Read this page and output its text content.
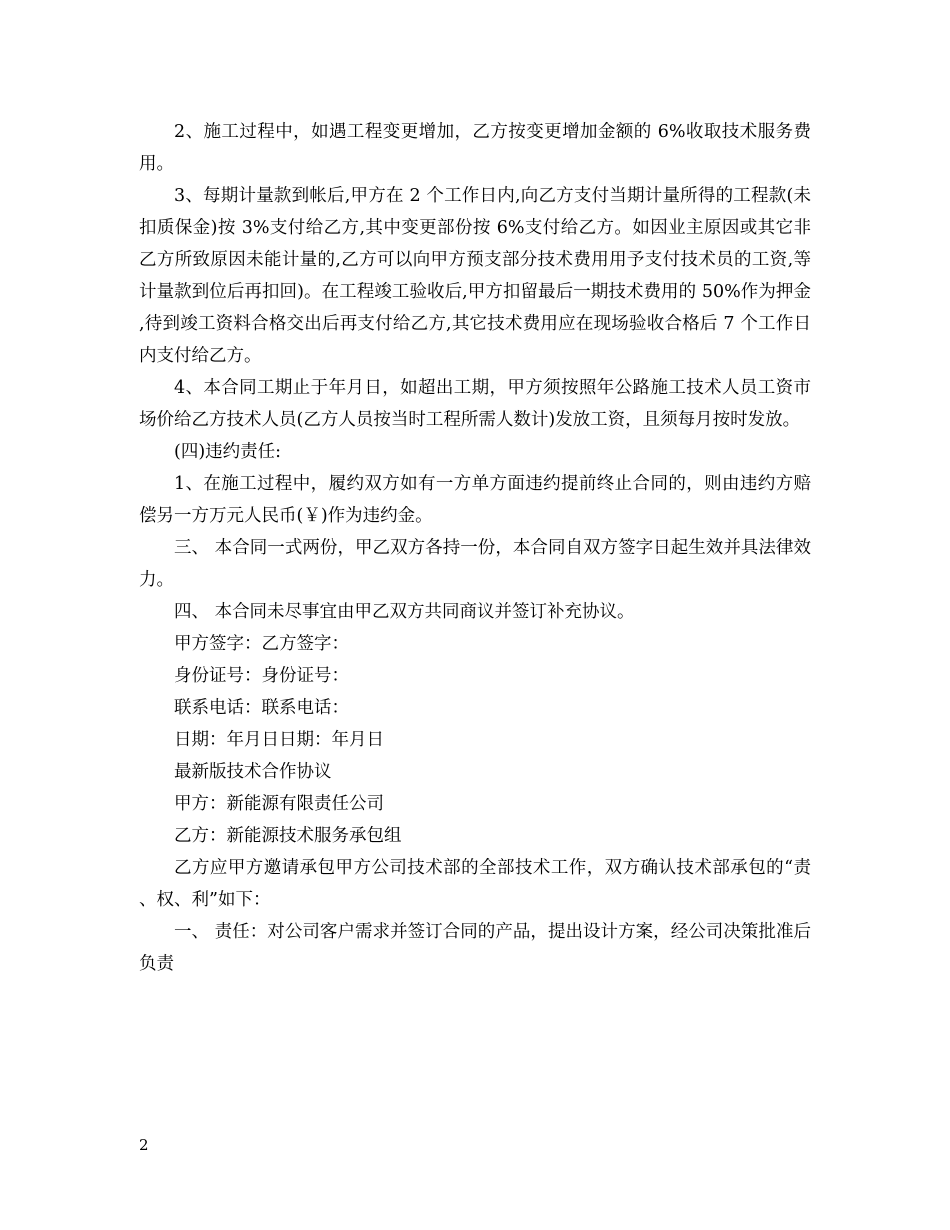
2、施工过程中，如遇工程变更增加，乙方按变更增加金额的 6%收取技术服务费用。

3、每期计量款到帐后,甲方在 2 个工作日内,向乙方支付当期计量所得的工程款(未扣质保金)按 3%支付给乙方,其中变更部份按 6%支付给乙方。如因业主原因或其它非乙方所致原因未能计量的,乙方可以向甲方预支部分技术费用用予支付技术员的工资,等计量款到位后再扣回)。在工程竣工验收后,甲方扣留最后一期技术费用的 50%作为押金,待到竣工资料合格交出后再支付给乙方,其它技术费用应在现场验收合格后 7 个工作日内支付给乙方。

4、本合同工期止于年月日，如超出工期，甲方须按照年公路施工技术人员工资市场价给乙方技术人员(乙方人员按当时工程所需人数计)发放工资，且须每月按时发放。

(四)违约责任:

1、在施工过程中，履约双方如有一方单方面违约提前终止合同的，则由违约方赔偿另一方万元人民币(￥)作为违约金。

三、 本合同一式两份，甲乙双方各持一份，本合同自双方签字日起生效并具法律效力。

四、 本合同未尽事宜由甲乙双方共同商议并签订补充协议。

甲方签字：乙方签字：

身份证号：身份证号：

联系电话：联系电话：

日期：年月日日期：年月日

最新版技术合作协议

甲方：新能源有限责任公司

乙方：新能源技术服务承包组

乙方应甲方邀请承包甲方公司技术部的全部技术工作，双方确认技术部承包的“责、权、利”如下：

一、 责任：对公司客户需求并签订合同的产品，提出设计方案，经公司决策批准后负责

2
